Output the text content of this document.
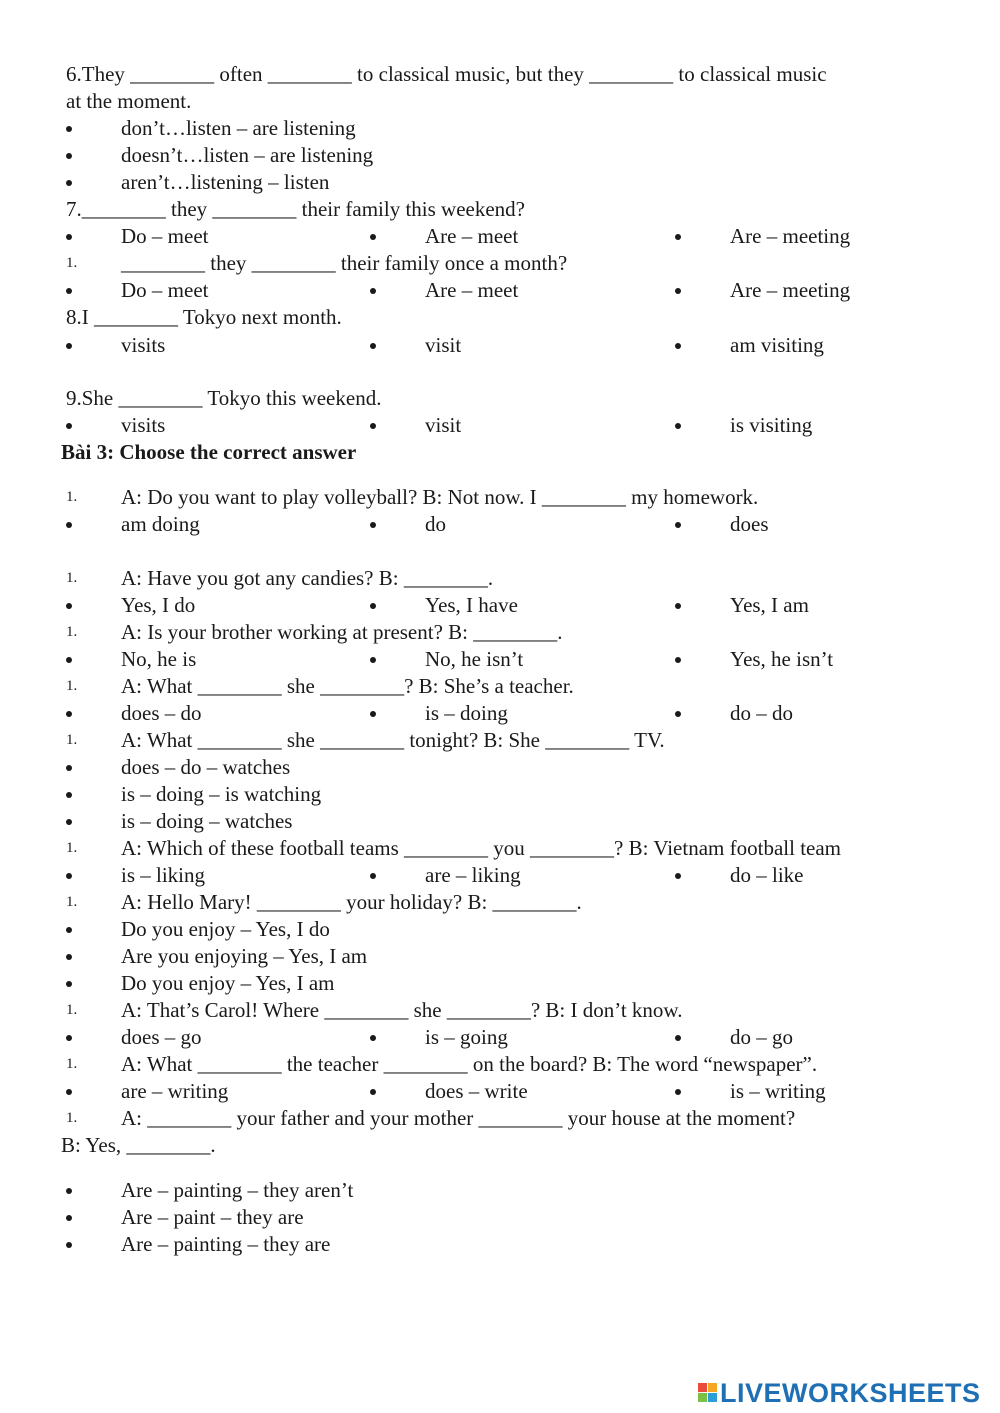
6.They ________ often ________ to classical music, but they ________ to classical music
at the moment.
don’t…listen – are listening
doesn’t…listen – are listening
aren’t…listening – listen
7.________ they ________ their family this weekend?
Do – meet	Are – meet	Are – meeting
1. ________ they ________ their family once a month?
Do – meet	Are – meet	Are – meeting
8.I ________ Tokyo next month.
visits	visit	am visiting
9.She ________ Tokyo this weekend.
visits	visit	is visiting
Bài 3: Choose the correct answer
1. A: Do you want to play volleyball? B: Not now. I ________ my homework.
am doing	do	does
1. A: Have you got any candies? B: ________.
Yes, I do	Yes, I have	Yes, I am
1. A: Is your brother working at present? B: ________.
No, he is	No, he isn’t	Yes, he isn’t
1. A: What ________ she ________? B: She’s a teacher.
does – do	is – doing	do – do
1. A: What ________ she ________ tonight? B: She ________ TV.
does – do – watches
is – doing – is watching
is – doing – watches
1. A: Which of these football teams ________ you ________? B: Vietnam football team
is – liking	are – liking	do – like
1. A: Hello Mary! ________ your holiday? B: ________.
Do you enjoy – Yes, I do
Are you enjoying – Yes, I am
Do you enjoy – Yes, I am
1. A: That’s Carol! Where ________ she ________? B: I don’t know.
does – go	is – going	do – go
1. A: What ________ the teacher ________ on the board? B: The word “newspaper”.
are – writing	does – write	is – writing
1. A: ________ your father and your mother ________ your house at the moment?
B: Yes, ________.
Are – painting – they aren’t
Are – paint – they are
Are – painting – they are
LIVEWORKSHEETS
